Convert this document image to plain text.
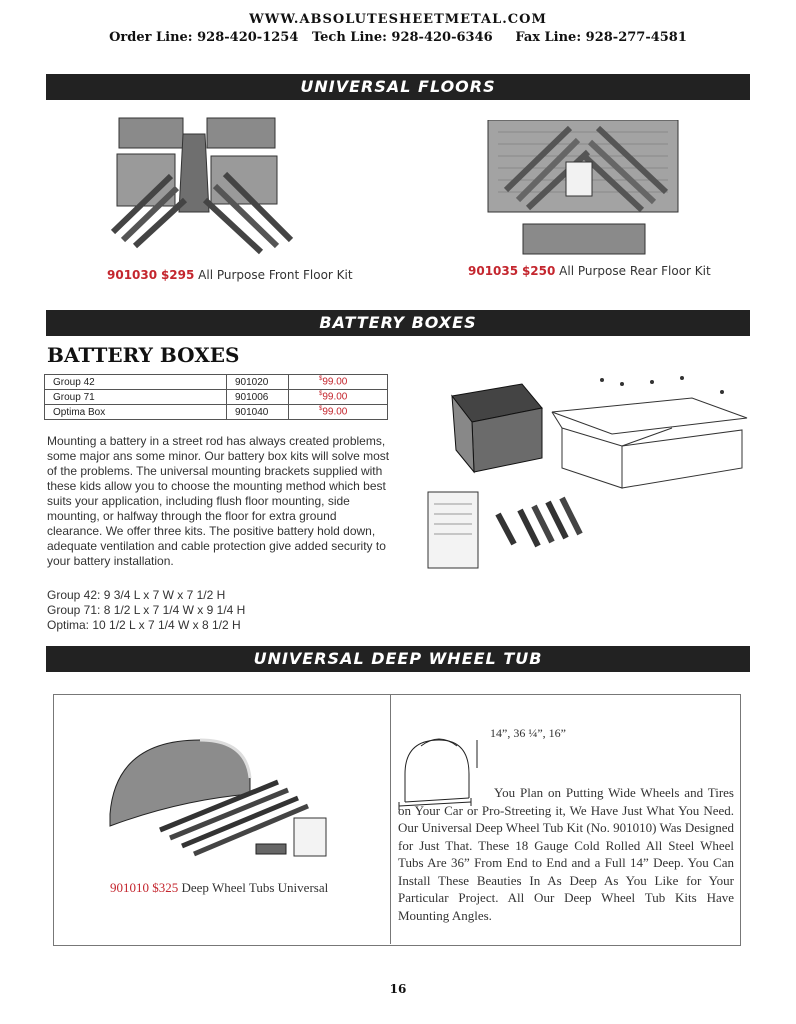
WWW.ABSOLUTESHEETMETAL.COM
Order Line: 928-420-1254 Tech Line: 928-420-6346 Fax Line: 928-277-4581
UNIVERSAL FLOORS
901030 $295 All Purpose Front Floor Kit	901035 $250 All Purpose Rear Floor Kit
BATTERY BOXES
BATTERY BOXES
Group 42	901020	$99.00
Group 71	901006	$99.00
Optima Box	901040	$99.00
Mounting a battery in a street rod has always created problems, some major ans some minor. Our battery box kits will solve most of the problems. The universal mounting brackets supplied with these kids allow you to choose the mounting method which best suits your application, including flush floor mounting, side mounting, or halfway through the floor for extra ground clearance. We offer three kits. The positive battery hold down, adequate ventilation and cable protection give added security to your battery installation.
Group 42: 9 3/4 L x 7 W x 7 1/2 H
Group 71: 8 1/2 L x 7 1/4 W x 9 1/4 H
Optima: 10 1/2 L x 7 1/4 W x 8 1/2 H
UNIVERSAL DEEP WHEEL TUB
901010 $325 Deep Wheel Tubs Universal
14”, 36 ¼”, 16”
You Plan on Putting Wide Wheels and Tires on Your Car or Pro-Streeting it, We Have Just What You Need. Our Universal Deep Wheel Tub Kit (No. 901010) Was Designed for Just That. These 18 Gauge Cold Rolled All Steel Wheel Tubs Are 36” From End to End and a Full 14” Deep. You Can Install These Beauties In As Deep As You Like for Your Particular Project. All Our Deep Wheel Tub Kits Have Mounting Angles.
16
